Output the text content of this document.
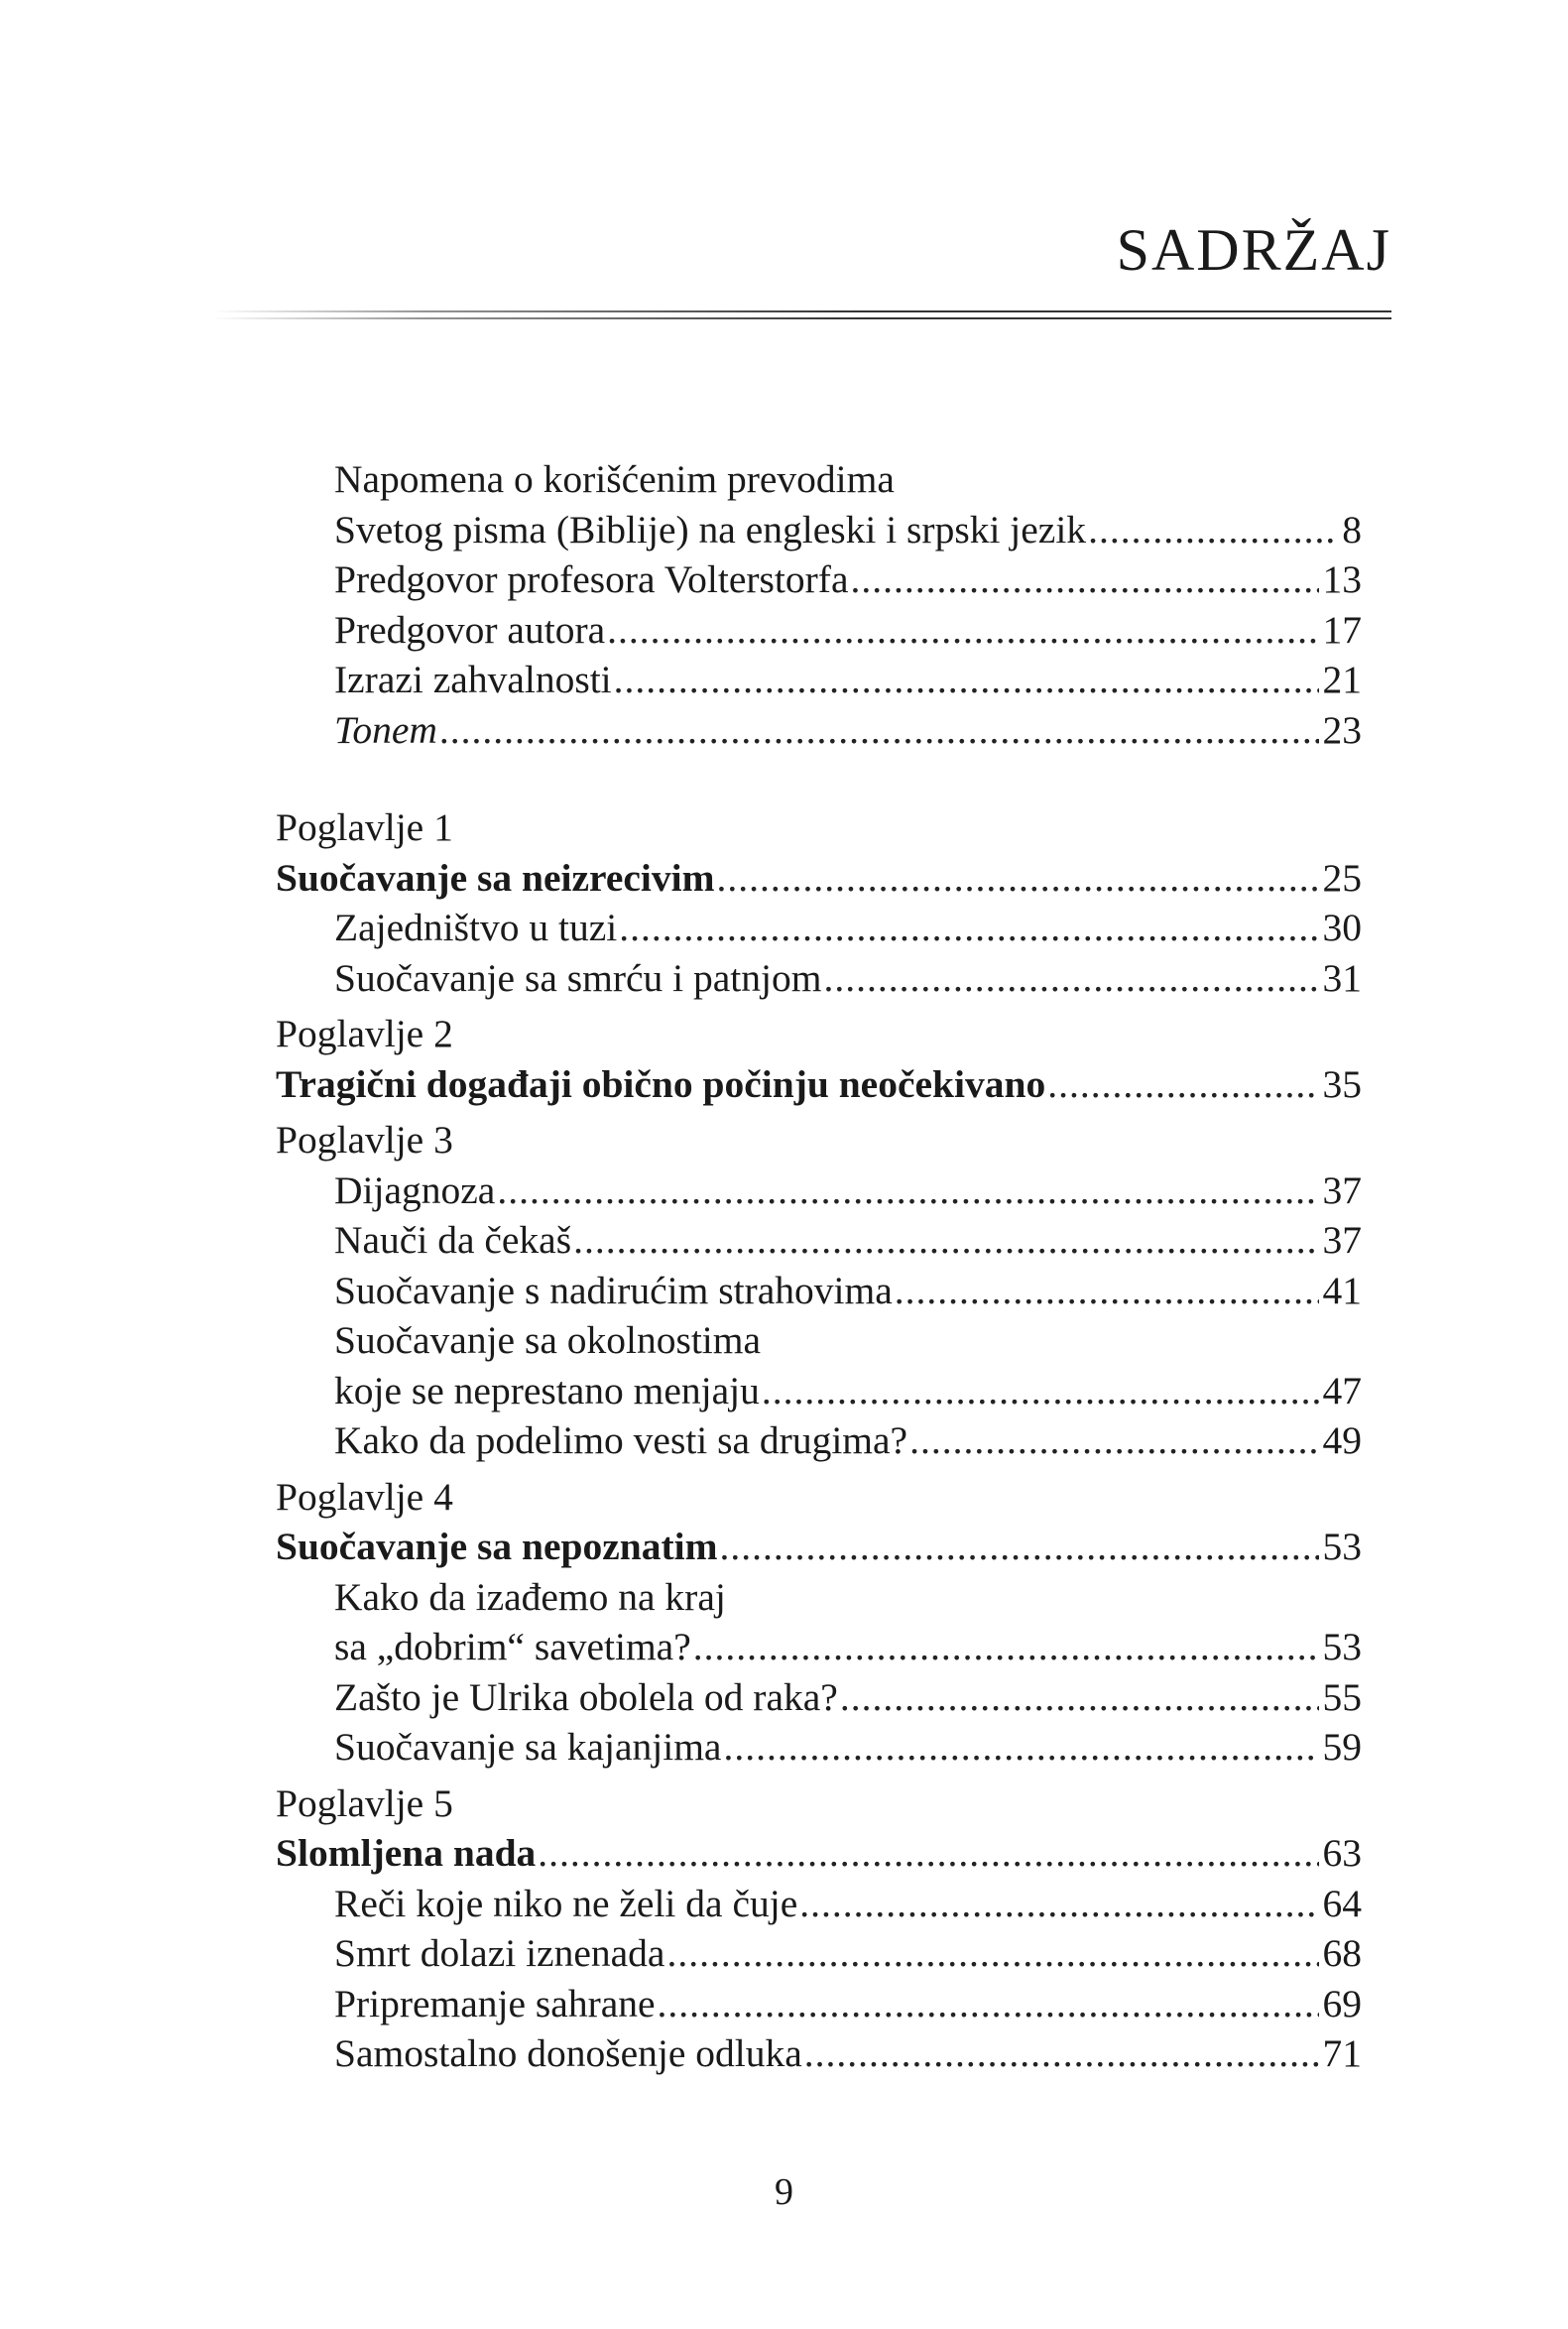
SADRŽAJ
Napomena o korišćenim prevodima
Svetog pisma (Biblije) na engleski i srpski jezik .....	8
Predgovor profesora Volterstorfa .....	13
Predgovor autora .....	17
Izrazi zahvalnosti .....	21
Tonem .....	23
Poglavlje 1
Suočavanje sa neizrecivim .....	25
Zajedništvo u tuzi .....	30
Suočavanje sa smrću i patnjom .....	31
Poglavlje 2
Tragični događaji obično počinju neočekivano .....	35
Poglavlje 3
Dijagnoza .....	37
Nauči da čekaš .....	37
Suočavanje s nadirućim strahovima .....	41
Suočavanje sa okolnostima
koje se neprestano menjaju .....	47
Kako da podelimo vesti sa drugima? .....	49
Poglavlje 4
Suočavanje sa nepoznatim .....	53
Kako da izađemo na kraj
sa „dobrim“ savetima? .....	53
Zašto je Ulrika obolela od raka? .....	55
Suočavanje sa kajanjima .....	59
Poglavlje 5
Slomljena nada .....	63
Reči koje niko ne želi da čuje .....	64
Smrt dolazi iznenada .....	68
Pripremanje sahrane .....	69
Samostalno donošenje odluka .....	71
9
